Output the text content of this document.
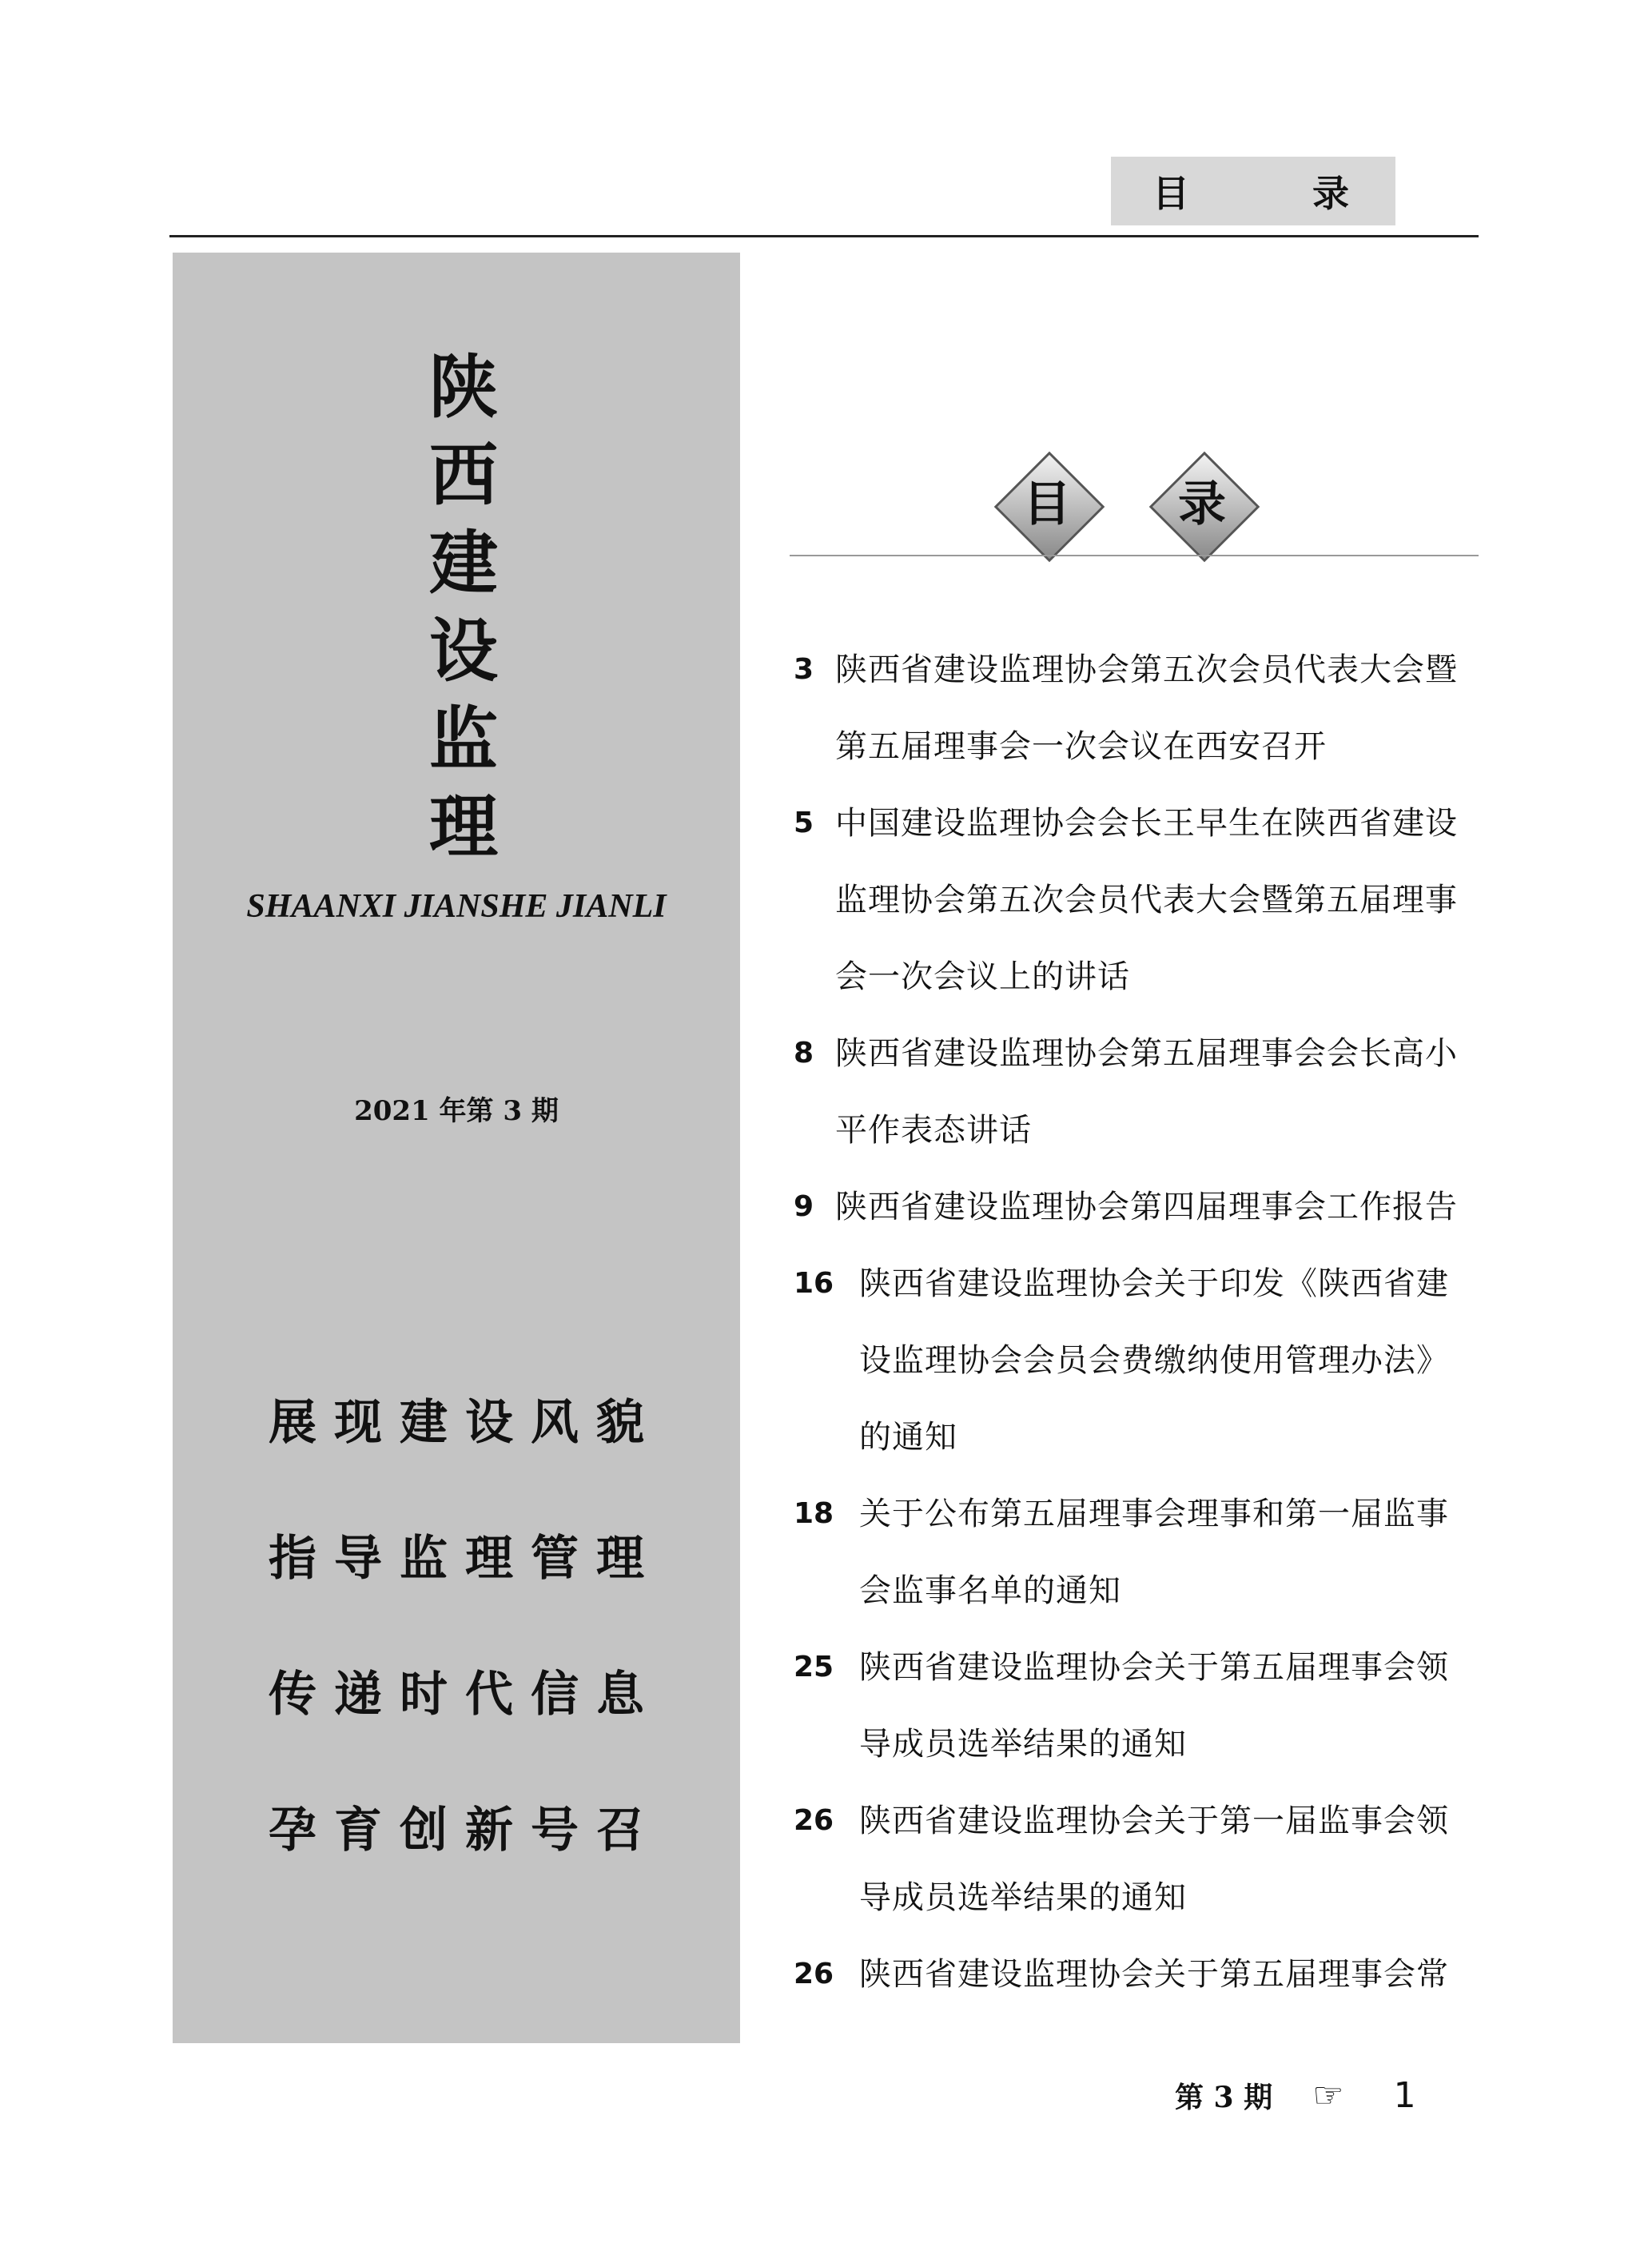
目	录
陕
西
建
设
监
理
SHAANXI JIANSHE JIANLI
2021 年第 3 期
展现建设风貌
指导监理管理
传递时代信息
孕育创新号召
目	录
3 陕西省建设监理协会第五次会员代表大会暨第五届理事会一次会议在西安召开
5 中国建设监理协会会长王早生在陕西省建设监理协会第五次会员代表大会暨第五届理事会一次会议上的讲话
8 陕西省建设监理协会第五届理事会会长高小平作表态讲话
9 陕西省建设监理协会第四届理事会工作报告
16 陕西省建设监理协会关于印发《陕西省建设监理协会会员会费缴纳使用管理办法》的通知
18 关于公布第五届理事会理事和第一届监事会监事名单的通知
25 陕西省建设监理协会关于第五届理事会领导成员选举结果的通知
26 陕西省建设监理协会关于第一届监事会领导成员选举结果的通知
26 陕西省建设监理协会关于第五届理事会常
第 3 期 ☞ 1
